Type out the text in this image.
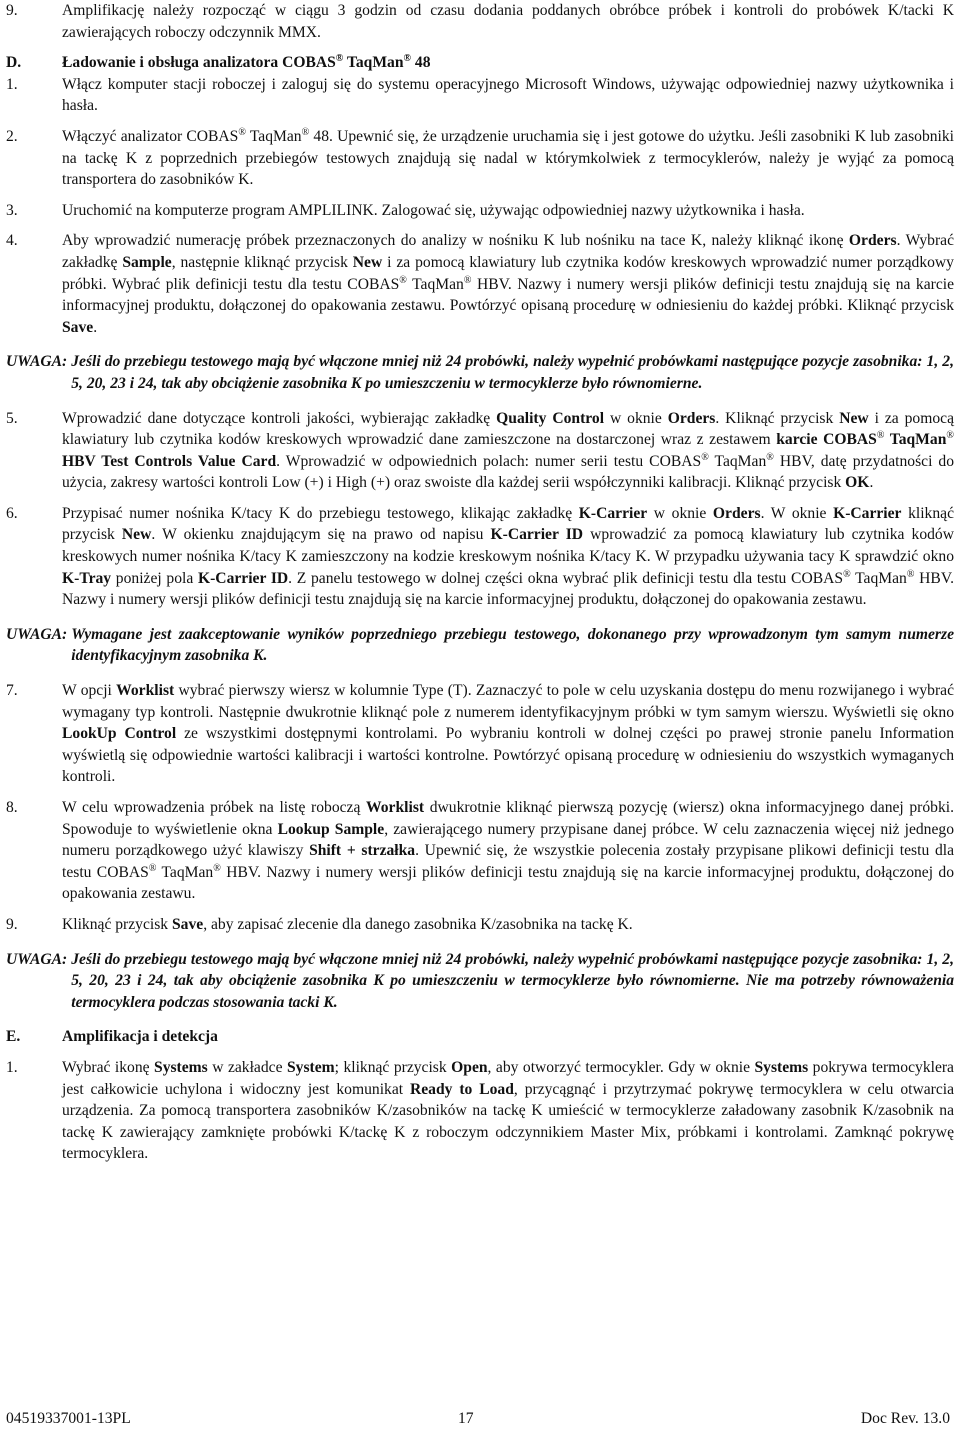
9.	Amplifikację należy rozpocząć w ciągu 3 godzin od czasu dodania poddanych obróbce próbek i kontroli do probówek K/tacki K zawierających roboczy odczynnik MMX.
D.	Ładowanie i obsługa analizatora COBAS® TaqMan® 48
1.	Włącz komputer stacji roboczej i zaloguj się do systemu operacyjnego Microsoft Windows, używając odpowiedniej nazwy użytkownika i hasła.
2.	Włączyć analizator COBAS® TaqMan® 48. Upewnić się, że urządzenie uruchamia się i jest gotowe do użytku. Jeśli zasobniki K lub zasobniki na tackę K z poprzednich przebiegów testowych znajdują się nadal w którymkolwiek z termocyklerów, należy je wyjąć za pomocą transportera do zasobników K.
3.	Uruchomić na komputerze program AMPLILINK. Zalogować się, używając odpowiedniej nazwy użytkownika i hasła.
4.	Aby wprowadzić numerację próbek przeznaczonych do analizy w nośniku K lub nośniku na tace K, należy kliknąć ikonę Orders. Wybrać zakładkę Sample, następnie kliknąć przycisk New i za pomocą klawiatury lub czytnika kodów kreskowych wprowadzić numer porządkowy próbki. Wybrać plik definicji testu dla testu COBAS® TaqMan® HBV. Nazwy i numery wersji plików definicji testu znajdują się na karcie informacyjnej produktu, dołączonej do opakowania zestawu. Powtórzyć opisaną procedurę w odniesieniu do każdej próbki. Kliknąć przycisk Save.
UWAGA: Jeśli do przebiegu testowego mają być włączone mniej niż 24 probówki, należy wypełnić probówkami następujące pozycje zasobnika: 1, 2, 5, 20, 23 i 24, tak aby obciążenie zasobnika K po umieszczeniu w termocyklerze było równomierne.
5.	Wprowadzić dane dotyczące kontroli jakości, wybierając zakładkę Quality Control w oknie Orders. Kliknąć przycisk New i za pomocą klawiatury lub czytnika kodów kreskowych wprowadzić dane zamieszczone na dostarczonej wraz z zestawem karcie COBAS® TaqMan® HBV Test Controls Value Card. Wprowadzić w odpowiednich polach: numer serii testu COBAS® TaqMan® HBV, datę przydatności do użycia, zakresy wartości kontroli Low (+) i High (+) oraz swoiste dla każdej serii współczynniki kalibracji. Kliknąć przycisk OK.
6.	Przypisać numer nośnika K/tacy K do przebiegu testowego, klikając zakładkę K-Carrier w oknie Orders. W oknie K-Carrier kliknąć przycisk New. W okienku znajdującym się na prawo od napisu K-Carrier ID wprowadzić za pomocą klawiatury lub czytnika kodów kreskowych numer nośnika K/tacy K zamieszczony na kodzie kreskowym nośnika K/tacy K. W przypadku używania tacy K sprawdzić okno K-Tray poniżej pola K-Carrier ID. Z panelu testowego w dolnej części okna wybrać plik definicji testu dla testu COBAS® TaqMan® HBV. Nazwy i numery wersji plików definicji testu znajdują się na karcie informacyjnej produktu, dołączonej do opakowania zestawu.
UWAGA: Wymagane jest zaakceptowanie wyników poprzedniego przebiegu testowego, dokonanego przy wprowadzonym tym samym numerze identyfikacyjnym zasobnika K.
7.	W opcji Worklist wybrać pierwszy wiersz w kolumnie Type (T). Zaznaczyć to pole w celu uzyskania dostępu do menu rozwijanego i wybrać wymagany typ kontroli. Następnie dwukrotnie kliknąć pole z numerem identyfikacyjnym próbki w tym samym wierszu. Wyświetli się okno LookUp Control ze wszystkimi dostępnymi kontrolami. Po wybraniu kontroli w dolnej części po prawej stronie panelu Information wyświetlą się odpowiednie wartości kalibracji i wartości kontrolne. Powtórzyć opisaną procedurę w odniesieniu do wszystkich wymaganych kontroli.
8.	W celu wprowadzenia próbek na listę roboczą Worklist dwukrotnie kliknąć pierwszą pozycję (wiersz) okna informacyjnego danej próbki. Spowoduje to wyświetlenie okna Lookup Sample, zawierającego numery przypisane danej próbce. W celu zaznaczenia więcej niż jednego numeru porządkowego użyć klawiszy Shift + strzałka. Upewnić się, że wszystkie polecenia zostały przypisane plikowi definicji testu dla testu COBAS® TaqMan® HBV. Nazwy i numery wersji plików definicji testu znajdują się na karcie informacyjnej produktu, dołączonej do opakowania zestawu.
9.	Kliknąć przycisk Save, aby zapisać zlecenie dla danego zasobnika K/zasobnika na tackę K.
UWAGA: Jeśli do przebiegu testowego mają być włączone mniej niż 24 probówki, należy wypełnić probówkami następujące pozycje zasobnika: 1, 2, 5, 20, 23 i 24, tak aby obciążenie zasobnika K po umieszczeniu w termocyklerze było równomierne. Nie ma potrzeby równoważenia termocyklera podczas stosowania tacki K.
E.	Amplifikacja i detekcja
1.	Wybrać ikonę Systems w zakładce System; kliknąć przycisk Open, aby otworzyć termocykler. Gdy w oknie Systems pokrywa termocyklera jest całkowicie uchylona i widoczny jest komunikat Ready to Load, przycągnąć i przytrzymać pokrywę termocyklera w celu otwarcia urządzenia. Za pomocą transportera zasobników K/zasobników na tackę K umieścić w termocyklerze załadowany zasobnik K/zasobnik na tackę K zawierający zamknięte probówki K/tackę K z roboczym odczynnikiem Master Mix, próbkami i kontrolami. Zamknąć pokrywę termocyklera.
04519337001-13PL	17	Doc Rev. 13.0
